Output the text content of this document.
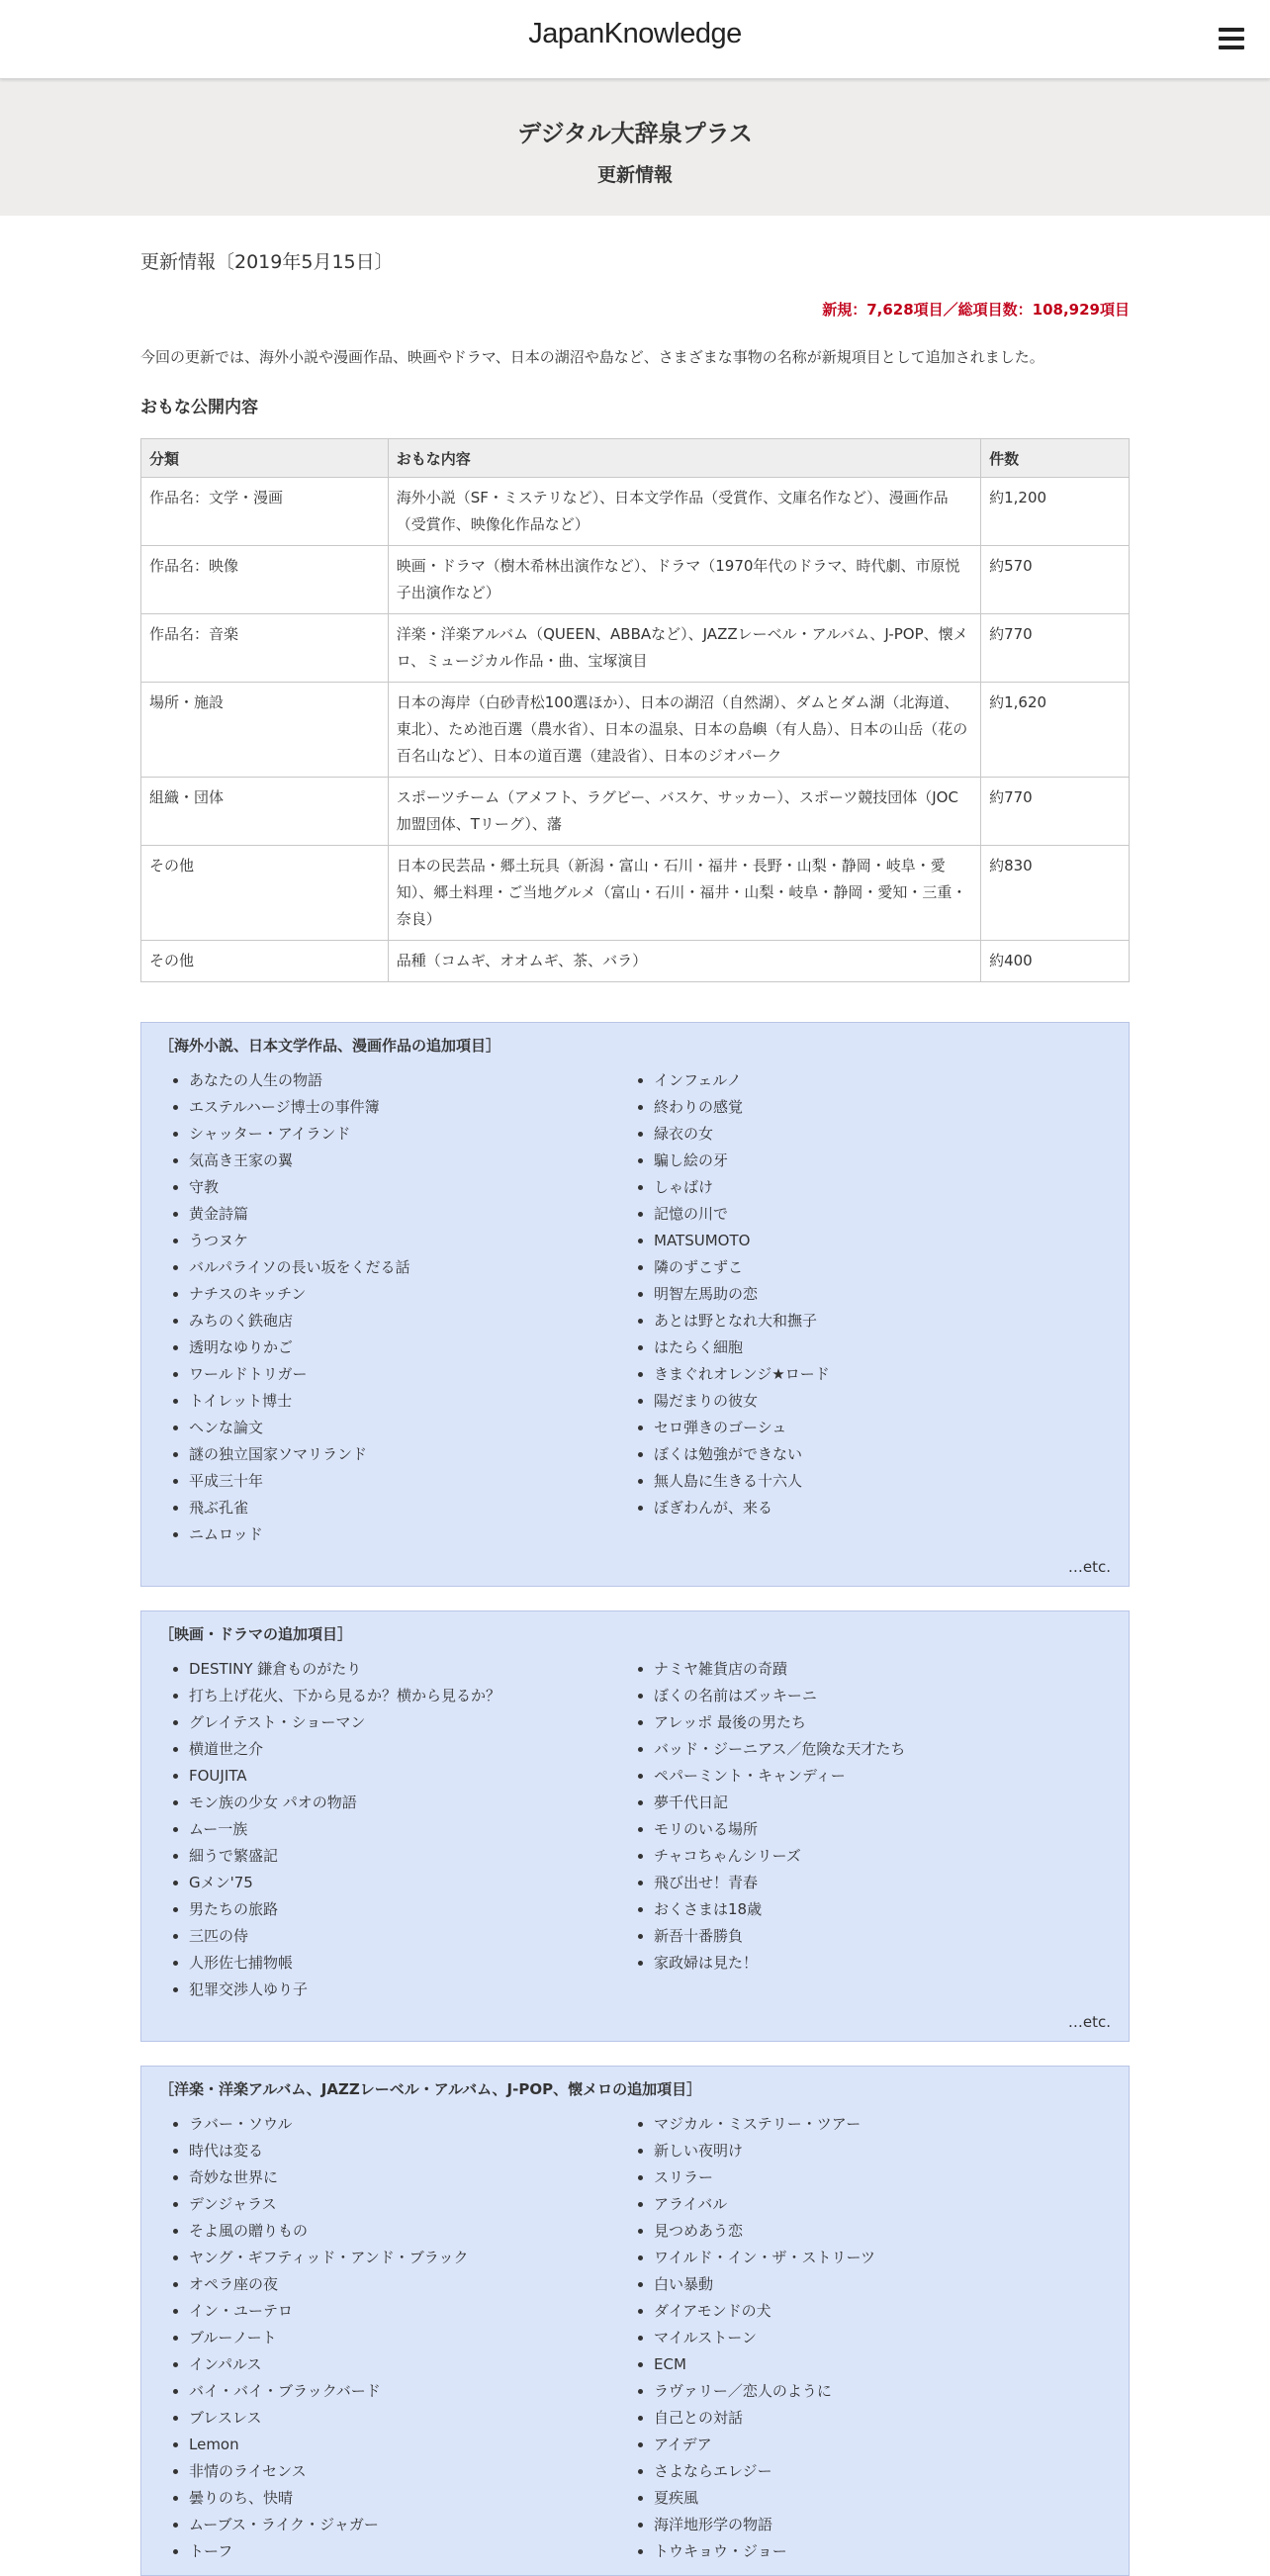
JapanKnowledge
デジタル大辞泉プラス
更新情報
更新情報〔2019年5月15日〕
新規：7,628項目／総項目数：108,929項目
今回の更新では、海外小説や漫画作品、映画やドラマ、日本の湖沼や島など、さまざまな事物の名称が新規項目として追加されました。
おもな公開内容
分類	おもな内容	件数
作品名：文学・漫画	海外小説（SF・ミステリなど）、日本文学作品（受賞作、文庫名作など）、漫画作品（受賞作、映像化作品など）	約1,200
作品名：映像	映画・ドラマ（樹木希林出演作など）、ドラマ（1970年代のドラマ、時代劇、市原悦子出演作など）	約570
作品名：音楽	洋楽・洋楽アルバム（QUEEN、ABBAなど）、JAZZレーベル・アルバム、J-POP、懐メロ、ミュージカル作品・曲、宝塚演目	約770
場所・施設	日本の海岸（白砂青松100選ほか）、日本の湖沼（自然湖）、ダムとダム湖（北海道、東北）、ため池百選（農水省）、日本の温泉、日本の島嶼（有人島）、日本の山岳（花の百名山など）、日本の道百選（建設省）、日本のジオパーク	約1,620
組織・団体	スポーツチーム（アメフト、ラグビー、バスケ、サッカー）、スポーツ競技団体（JOC加盟団体、Tリーグ）、藩	約770
その他	日本の民芸品・郷土玩具（新潟・富山・石川・福井・長野・山梨・静岡・岐阜・愛知）、郷土料理・ご当地グルメ（富山・石川・福井・山梨・岐阜・静岡・愛知・三重・奈良）	約830
その他	品種（コムギ、オオムギ、茶、バラ）	約400
［海外小説、日本文学作品、漫画作品の追加項目］
• あなたの人生の物語
• エステルハージ博士の事件簿
• シャッター・アイランド
• 気高き王家の翼
• 守教
• 黄金詩篇
• うつヌケ
• バルパライソの長い坂をくだる話
• ナチスのキッチン
• みちのく鉄砲店
• 透明なゆりかご
• ワールドトリガー
• トイレット博士
• ヘンな論文
• 謎の独立国家ソマリランド
• 平成三十年
• 飛ぶ孔雀
• ニムロッド
• インフェルノ
• 終わりの感覚
• 緑衣の女
• 騙し絵の牙
• しゃばけ
• 記憶の川で
• MATSUMOTO
• 隣のずこずこ
• 明智左馬助の恋
• あとは野となれ大和撫子
• はたらく細胞
• きまぐれオレンジ★ロード
• 陽だまりの彼女
• セロ弾きのゴーシュ
• ぼくは勉強ができない
• 無人島に生きる十六人
• ぼぎわんが、来る
…etc.
［映画・ドラマの追加項目］
• DESTINY 鎌倉ものがたり
• 打ち上げ花火、下から見るか？横から見るか？
• グレイテスト・ショーマン
• 横道世之介
• FOUJITA
• モン族の少女 パオの物語
• ムー一族
• 細うで繁盛記
• Gメン'75
• 男たちの旅路
• 三匹の侍
• 人形佐七捕物帳
• 犯罪交渉人ゆり子
• ナミヤ雑貨店の奇蹟
• ぼくの名前はズッキーニ
• アレッポ 最後の男たち
• バッド・ジーニアス／危険な天才たち
• ペパーミント・キャンディー
• 夢千代日記
• モリのいる場所
• チャコちゃんシリーズ
• 飛び出せ！青春
• おくさまは18歳
• 新吾十番勝負
• 家政婦は見た！
…etc.
［洋楽・洋楽アルバム、JAZZレーベル・アルバム、J-POP、懐メロの追加項目］
• ラバー・ソウル
• 時代は変る
• 奇妙な世界に
• デンジャラス
• そよ風の贈りもの
• ヤング・ギフティッド・アンド・ブラック
• オペラ座の夜
• イン・ユーテロ
• ブルーノート
• インパルス
• バイ・バイ・ブラックバード
• ブレスレス
• Lemon
• 非情のライセンス
• 曇りのち、快晴
• ムーブス・ライク・ジャガー
• トーフ
• マジカル・ミステリー・ツアー
• 新しい夜明け
• スリラー
• アライバル
• 見つめあう恋
• ワイルド・イン・ザ・ストリーツ
• 白い暴動
• ダイアモンドの犬
• マイルストーン
• ECM
• ラヴァリー／恋人のように
• 自己との対話
• アイデア
• さよならエレジー
• 夏疾風
• 海洋地形学の物語
• トウキョウ・ジョー
